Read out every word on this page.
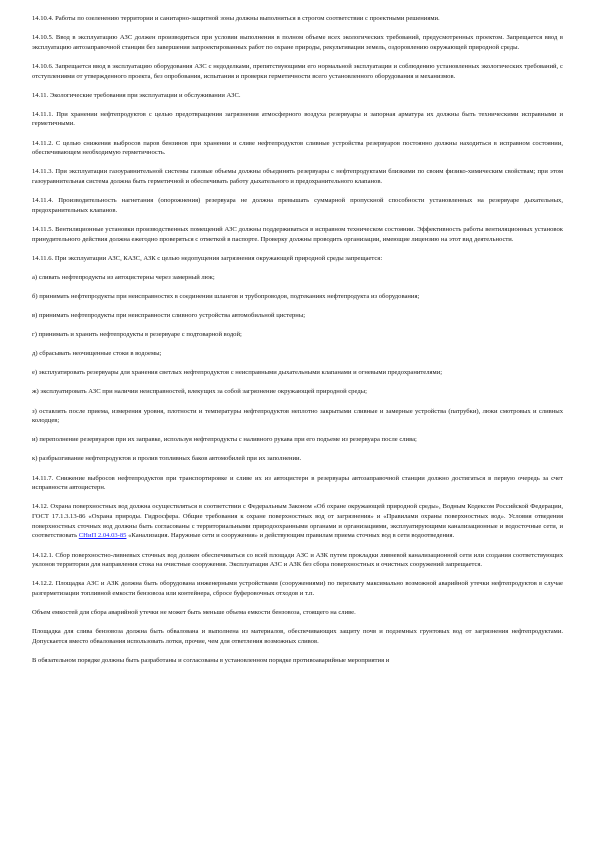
14.10.4. Работы по озеленению территории и санитарно-защитной зоны должны выполняться в строгом соответствии с проектными решениями.

14.10.5. Ввод в эксплуатацию АЗС должен производиться при условии выполнения в полном объеме всех экологических требований, предусмотренных проектом. Запрещается ввод в эксплуатацию автозаправочной станции без завершения запроектированных работ по охране природы, рекультивации земель, оздоровлению окружающей природной среды.

14.10.6. Запрещается ввод в эксплуатацию оборудования АЗС с недоделками, препятствующими его нормальной эксплуатации и соблюдению установленных экологических требований, с отступлениями от утвержденного проекта, без опробования, испытания и проверки герметичности всего установленного оборудования и механизмов.

14.11. Экологические требования при эксплуатации и обслуживании АЗС.

14.11.1. При хранении нефтепродуктов с целью предотвращения загрязнения атмосферного воздуха резервуары и запорная арматура их должны быть техническими исправными и герметичными.

14.11.2. С целью снижения выбросов паров бензинов при хранении и сливе нефтепродуктов сливные устройства резервуаров постоянно должны находиться в исправном состоянии, обеспечивающем необходимую герметичность.

14.11.3. При эксплуатации газоуравнительной системы газовые объемы должны объединять резервуары с нефтепродуктами близкими по своим физико-химическим свойствам; при этом газоуравнительная система должна быть герметичной и обеспечивать работу дыхательного и предохранительного клапанов.

14.11.4. Производительность нагнетания (опорожнения) резервуара не должна превышать суммарной пропускной способности установленных на резервуаре дыхательных, предохранительных клапанов.

14.11.5. Вентиляционные установки производственных помещений АЗС должны поддерживаться в исправном техническом состоянии. Эффективность работы вентиляционных установок принудительного действия должна ежегодно проверяться с отметкой в паспорте. Проверку должны проводить организации, имеющие лицензию на этот вид деятельности.

14.11.6. При эксплуатации АЗС, КАЗС, АЗК с целью недопущения загрязнения окружающей природной среды запрещается:

а) сливать нефтепродукты из автоцистерны через замерный люк;

б) принимать нефтепродукты при неисправностях в соединении шлангов и трубопроводов, подтеканиях нефтепродукта из оборудования;

в) принимать нефтепродукты при неисправности сливного устройства автомобильной цистерны;

г) принимать и хранить нефтепродукты в резервуаре с подтоварной водой;

д) сбрасывать неочищенные стоки в водоемы;

е) эксплуатировать резервуары для хранения светлых нефтепродуктов с неисправными дыхательными клапанами и огневыми предохранителями;

ж) эксплуатировать АЗС при наличии неисправностей, влекущих за собой загрязнение окружающей природной среды;

з) оставлять после приема, измерения уровня, плотности и температуры нефтепродуктов неплотно закрытыми сливные и замерные устройства (патрубки), люки смотровых и сливных колодцев;

и) переполнение резервуаров при их заправке, используя нефтепродукты с наливного рукава при его подъеме из резервуара после слива;

к) разбрызгивание нефтепродуктов и пролив топливных баков автомобилей при их заполнении.

14.11.7. Снижение выбросов нефтепродуктов при транспортировке и сливе их из автоцистерн в резервуары автозаправочной станции должно достигаться в первую очередь за счет исправности автоцистерн.

14.12. Охрана поверхностных вод должна осуществляться в соответствии с Федеральным Законом «Об охране окружающей природной среды», Водным Кодексом Российской Федерации, ГОСТ 17.1.3.13-86 «Охрана природы. Гидросфера. Общие требования к охране поверхностных вод от загрязнения» и «Правилами охраны поверхностных вод». Условия отведения поверхностных сточных вод должны быть согласованы с территориальными природоохранными органами и организациями, эксплуатирующими канализационные и водосточные сети, и соответствовать СНиП 2.04.03-85 «Канализация. Наружные сети и сооружения» и действующим правилам приема сточных вод в сети водоотведения.

14.12.1. Сбор поверхностно-ливневых сточных вод должен обеспечиваться со всей площади АЗС и АЗК путем прокладки ливневой канализационной сети или создания соответствующих уклонов территории для направления стока на очистные сооружения. Эксплуатация АЗС и АЗК без сбора поверхностных и очистных сооружений запрещается.

14.12.2. Площадка АЗС и АЗК должна быть оборудована инженерными устройствами (сооружениями) по перехвату максимально возможной аварийной утечки нефтепродуктов в случае разгерметизации топливной емкости бензовоза или контейнера, сбросе буферовочных отходов и т.п.

Объем емкостей для сбора аварийной утечки не может быть меньше объема емкости бензовоза, стоящего на сливе.

Площадка для слива бензовоза должна быть обвалована и выполнена из материалов, обеспечивающих защиту почв и подземных грунтовых вод от загрязнения нефтепродуктами. Допускается вместо обвалования использовать лотки, прочие, чем для ответления возможных сливов.

В обязательном порядке должны быть разработаны и согласованы в установленном порядке противоаварийные мероприятия и
